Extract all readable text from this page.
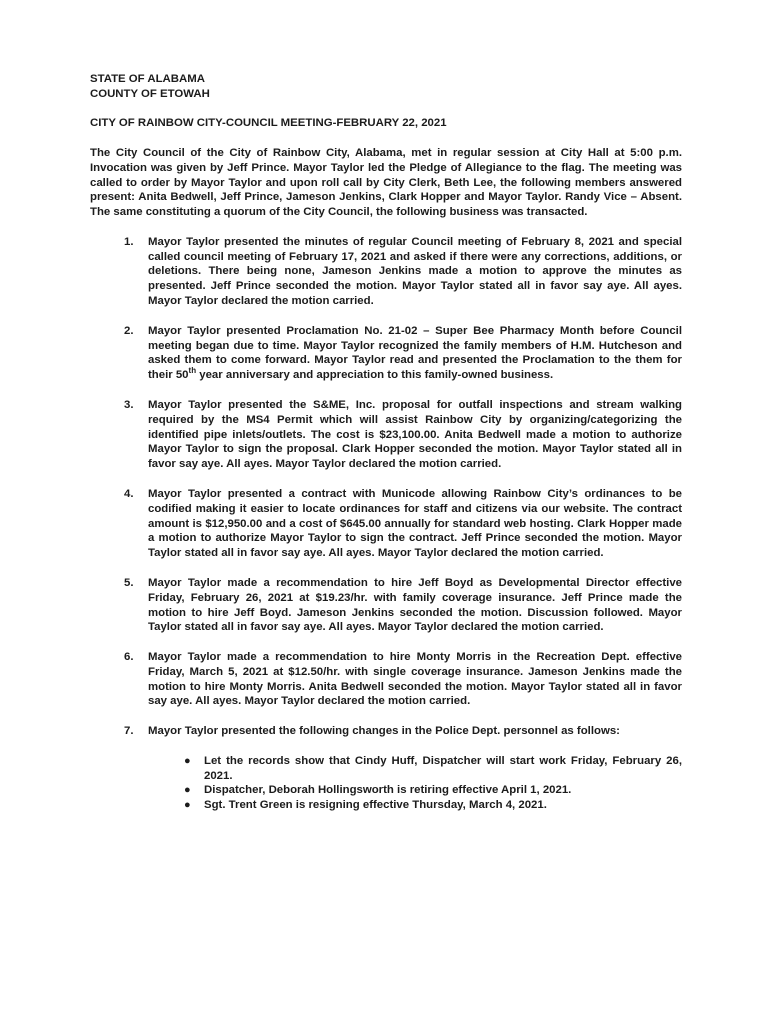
STATE OF ALABAMA

COUNTY OF ETOWAH

CITY OF RAINBOW CITY-COUNCIL MEETING-FEBRUARY 22, 2021

The City Council of the City of Rainbow City, Alabama, met in regular session at City Hall at 5:00 p.m. Invocation was given by Jeff Prince. Mayor Taylor led the Pledge of Allegiance to the flag. The meeting was called to order by Mayor Taylor and upon roll call by City Clerk, Beth Lee, the following members answered present: Anita Bedwell, Jeff Prince, Jameson Jenkins, Clark Hopper and Mayor Taylor. Randy Vice – Absent. The same constituting a quorum of the City Council, the following business was transacted.

1. Mayor Taylor presented the minutes of regular Council meeting of February 8, 2021 and special called council meeting of February 17, 2021 and asked if there were any corrections, additions, or deletions. There being none, Jameson Jenkins made a motion to approve the minutes as presented. Jeff Prince seconded the motion. Mayor Taylor stated all in favor say aye. All ayes. Mayor Taylor declared the motion carried.
2. Mayor Taylor presented Proclamation No. 21-02 – Super Bee Pharmacy Month before Council meeting began due to time. Mayor Taylor recognized the family members of H.M. Hutcheson and asked them to come forward. Mayor Taylor read and presented the Proclamation to the them for their 50th year anniversary and appreciation to this family-owned business.
3. Mayor Taylor presented the S&ME, Inc. proposal for outfall inspections and stream walking required by the MS4 Permit which will assist Rainbow City by organizing/categorizing the identified pipe inlets/outlets. The cost is $23,100.00. Anita Bedwell made a motion to authorize Mayor Taylor to sign the proposal. Clark Hopper seconded the motion. Mayor Taylor stated all in favor say aye. All ayes. Mayor Taylor declared the motion carried.
4. Mayor Taylor presented a contract with Municode allowing Rainbow City’s ordinances to be codified making it easier to locate ordinances for staff and citizens via our website. The contract amount is $12,950.00 and a cost of $645.00 annually for standard web hosting. Clark Hopper made a motion to authorize Mayor Taylor to sign the contract. Jeff Prince seconded the motion. Mayor Taylor stated all in favor say aye. All ayes. Mayor Taylor declared the motion carried.
5. Mayor Taylor made a recommendation to hire Jeff Boyd as Developmental Director effective Friday, February 26, 2021 at $19.23/hr. with family coverage insurance. Jeff Prince made the motion to hire Jeff Boyd. Jameson Jenkins seconded the motion. Discussion followed. Mayor Taylor stated all in favor say aye. All ayes. Mayor Taylor declared the motion carried.
6. Mayor Taylor made a recommendation to hire Monty Morris in the Recreation Dept. effective Friday, March 5, 2021 at $12.50/hr. with single coverage insurance. Jameson Jenkins made the motion to hire Monty Morris. Anita Bedwell seconded the motion. Mayor Taylor stated all in favor say aye. All ayes. Mayor Taylor declared the motion carried.
7. Mayor Taylor presented the following changes in the Police Dept. personnel as follows:
● Let the records show that Cindy Huff, Dispatcher will start work Friday, February 26, 2021.
● Dispatcher, Deborah Hollingsworth is retiring effective April 1, 2021.
● Sgt. Trent Green is resigning effective Thursday, March 4, 2021.
